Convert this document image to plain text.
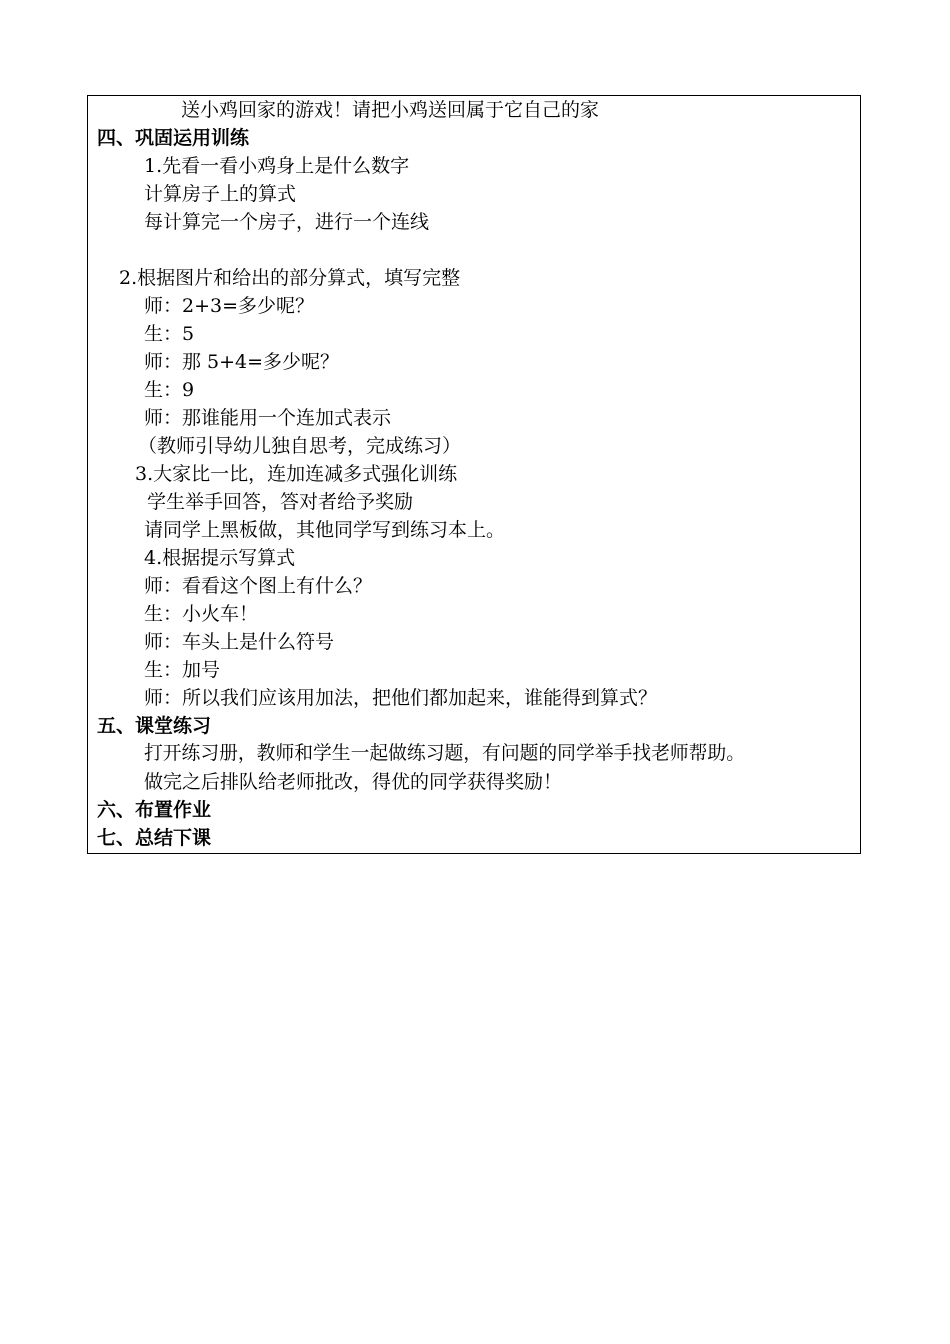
送小鸡回家的游戏！请把小鸡送回属于它自己的家
四、巩固运用训练
1.先看一看小鸡身上是什么数字
计算房子上的算式
每计算完一个房子，进行一个连线
2.根据图片和给出的部分算式，填写完整
师：2+3=多少呢？
生：5
师：那 5+4=多少呢？
生：9
师：那谁能用一个连加式表示
（教师引导幼儿独自思考，完成练习）
3.大家比一比，连加连减多式强化训练
学生举手回答，答对者给予奖励
请同学上黑板做，其他同学写到练习本上。
4.根据提示写算式
师：看看这个图上有什么？
生：小火车！
师：车头上是什么符号
生：加号
师：所以我们应该用加法，把他们都加起来，谁能得到算式？
五、课堂练习
打开练习册，教师和学生一起做练习题，有问题的同学举手找老师帮助。
做完之后排队给老师批改，得优的同学获得奖励！
六、布置作业
七、总结下课
